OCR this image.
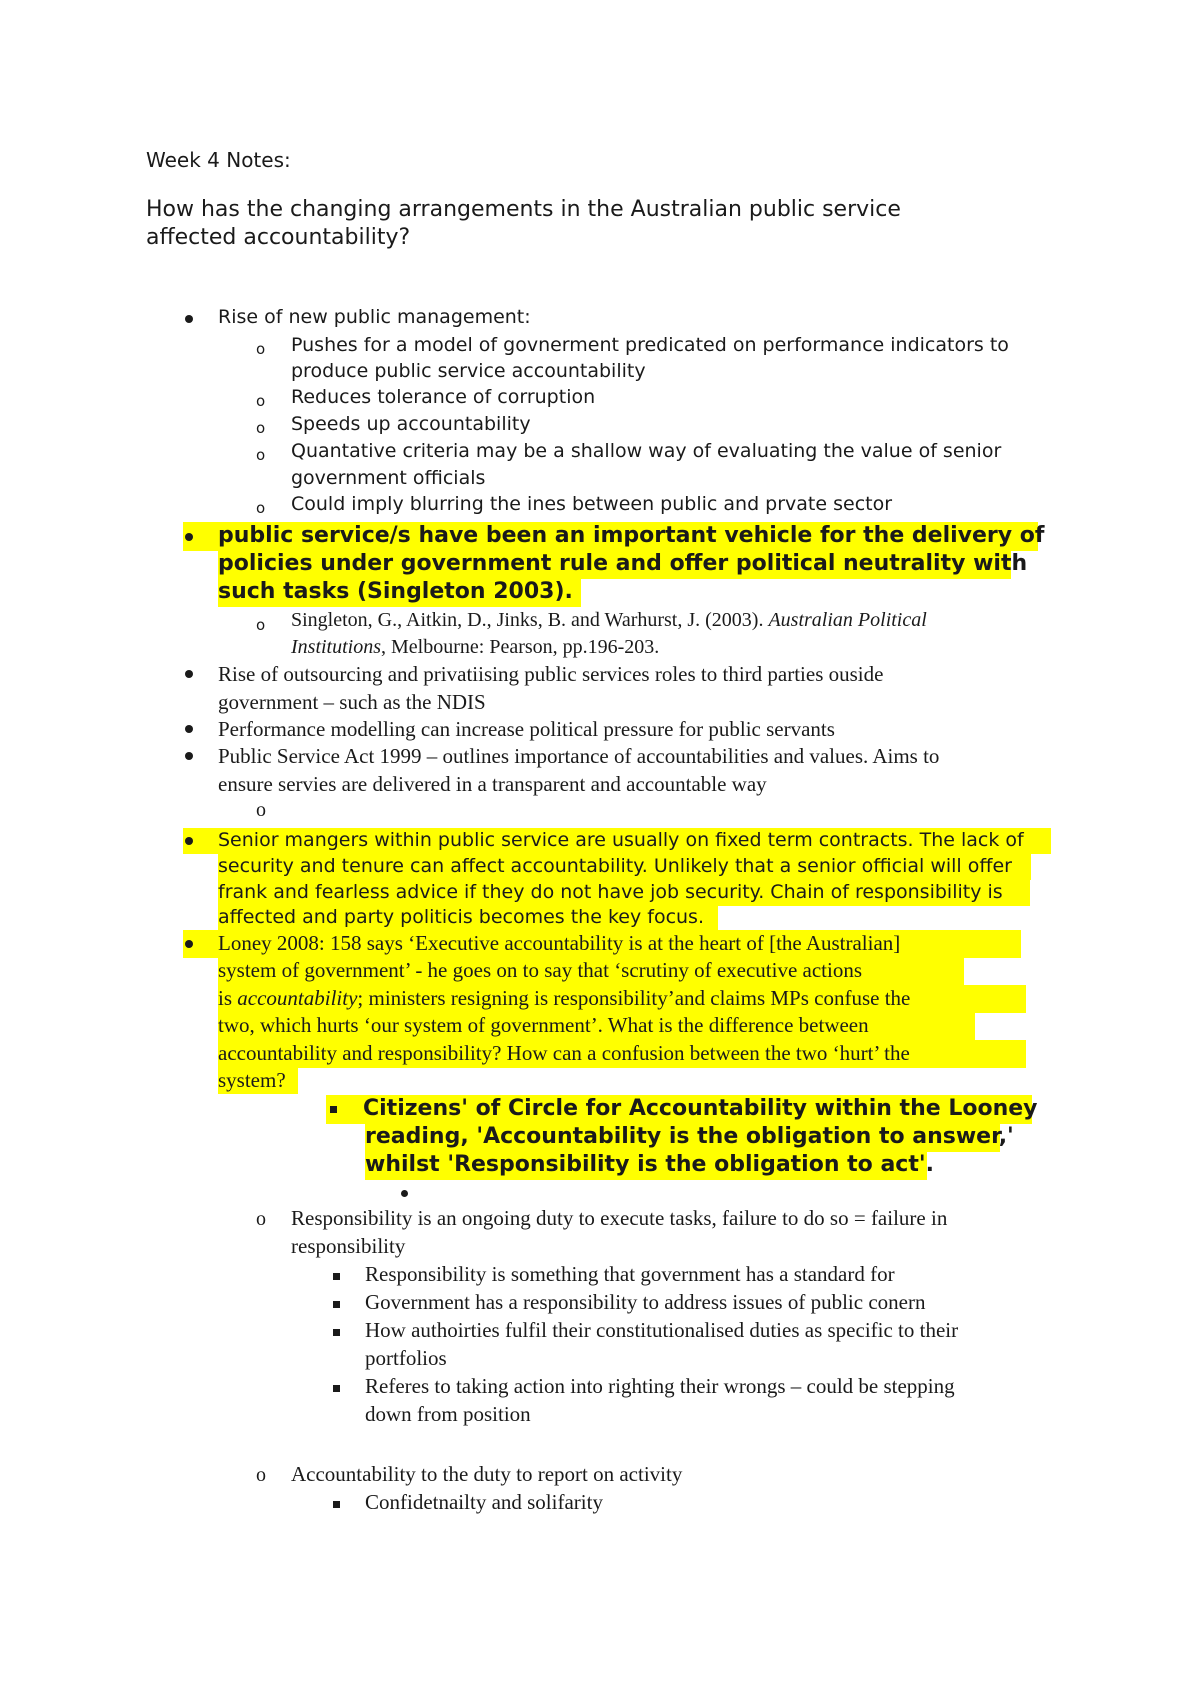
Week 4 Notes:
How has the changing arrangements in the Australian public service
affected accountability?
Rise of new public management:
o Pushes for a model of govnerment predicated on performance indicators to
produce public service accountability
o Reduces tolerance of corruption
o Speeds up accountability
o Quantative criteria may be a shallow way of evaluating the value of senior
government officials
o Could imply blurring the ines between public and prvate sector
public service/s have been an important vehicle for the delivery of
policies under government rule and offer political neutrality with
such tasks (Singleton 2003).
o Singleton, G., Aitkin, D., Jinks, B. and Warhurst, J. (2003). Australian Political
Institutions, Melbourne: Pearson, pp.196-203.
Rise of outsourcing and privatiising public services roles to third parties ouside
government – such as the NDIS
Performance modelling can increase political pressure for public servants
Public Service Act 1999 – outlines importance of accountabilities and values. Aims to
ensure servies are delivered in a transparent and accountable way
o
Senior mangers within public service are usually on fixed term contracts. The lack of
security and tenure can affect accountability. Unlikely that a senior official will offer
frank and fearless advice if they do not have job security. Chain of responsibility is
affected and party politicis becomes the key focus.
Loney 2008: 158 says ‘Executive accountability is at the heart of [the Australian]
system of government’ - he goes on to say that ‘scrutiny of executive actions
is accountability; ministers resigning is responsibility’and claims MPs confuse the
two, which hurts ‘our system of government’. What is the difference between
accountability and responsibility? How can a confusion between the two ‘hurt’ the
system?
Citizens' of Circle for Accountability within the Looney
reading, 'Accountability is the obligation to answer,'
whilst 'Responsibility is the obligation to act'.
o Responsibility is an ongoing duty to execute tasks, failure to do so = failure in
responsibility
Responsibility is something that government has a standard for
Government has a responsibility to address issues of public conern
How authoirties fulfil their constitutionalised duties as specific to their
portfolios
Referes to taking action into righting their wrongs – could be stepping
down from position
o Accountability to the duty to report on activity
Confidetnailty and solifarity
